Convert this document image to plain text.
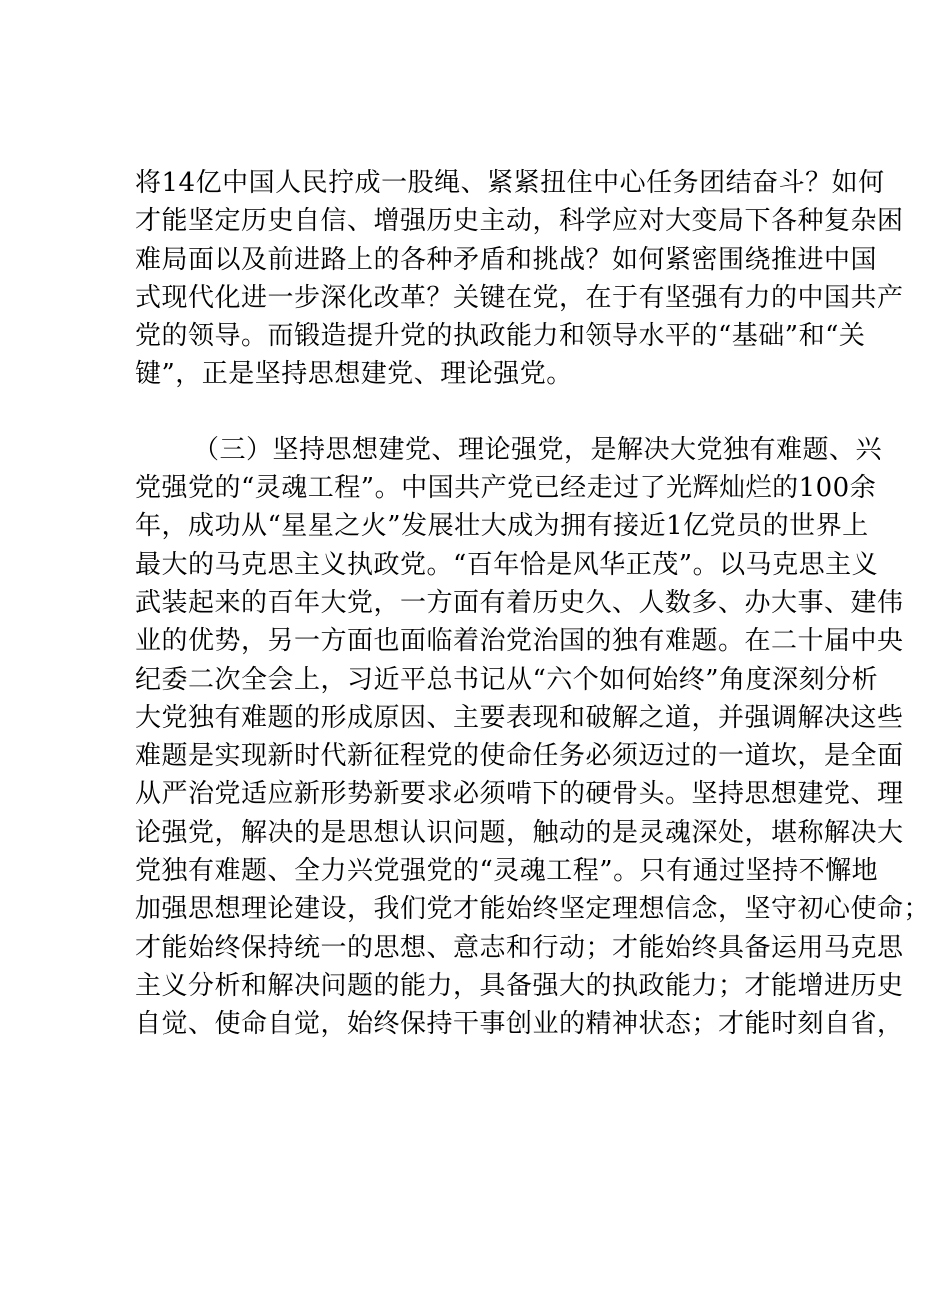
将14亿中国人民拧成一股绳、紧紧扭住中心任务团结奋斗？如何
才能坚定历史自信、增强历史主动，科学应对大变局下各种复杂困
难局面以及前进路上的各种矛盾和挑战？如何紧密围绕推进中国
式现代化进一步深化改革？关键在党，在于有坚强有力的中国共产
党的领导。而锻造提升党的执政能力和领导水平的“基础”和“关
键”，正是坚持思想建党、理论强党。
（三）坚持思想建党、理论强党，是解决大党独有难题、兴
党强党的“灵魂工程”。中国共产党已经走过了光辉灿烂的100余
年，成功从“星星之火”发展壮大成为拥有接近1亿党员的世界上
最大的马克思主义执政党。“百年恰是风华正茂”。以马克思主义
武装起来的百年大党，一方面有着历史久、人数多、办大事、建伟
业的优势，另一方面也面临着治党治国的独有难题。在二十届中央
纪委二次全会上，习近平总书记从“六个如何始终”角度深刻分析
大党独有难题的形成原因、主要表现和破解之道，并强调解决这些
难题是实现新时代新征程党的使命任务必须迈过的一道坎，是全面
从严治党适应新形势新要求必须啃下的硬骨头。坚持思想建党、理
论强党，解决的是思想认识问题，触动的是灵魂深处，堪称解决大
党独有难题、全力兴党强党的“灵魂工程”。只有通过坚持不懈地
加强思想理论建设，我们党才能始终坚定理想信念，坚守初心使命；
才能始终保持统一的思想、意志和行动；才能始终具备运用马克思
主义分析和解决问题的能力，具备强大的执政能力；才能增进历史
自觉、使命自觉，始终保持干事创业的精神状态；才能时刻自省，
